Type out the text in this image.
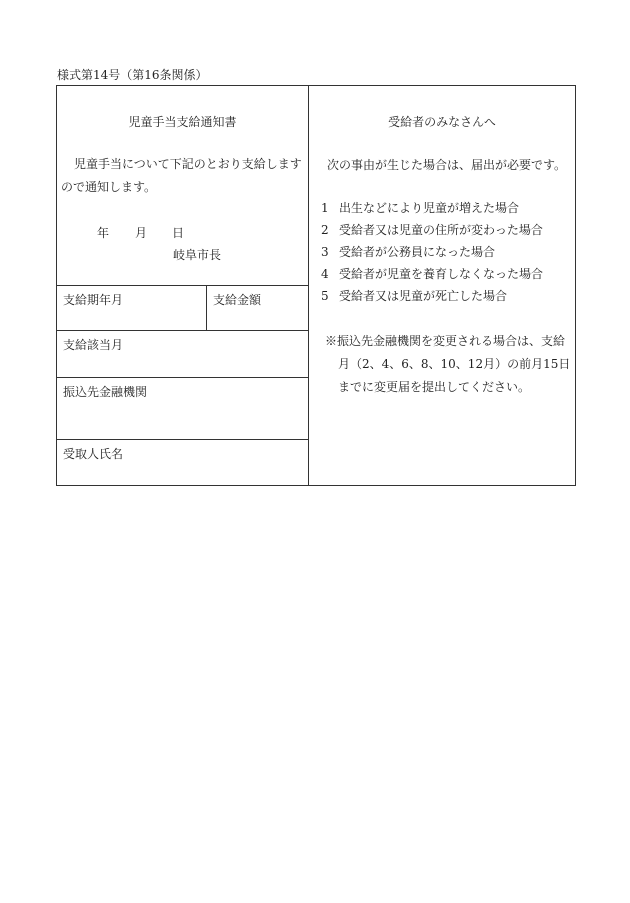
様式第14号（第16条関係）
児童手当支給通知書
児童手当について下記のとおり支給しますので通知します。
年 月 日
岐阜市長
支給期年月	支給金額
支給該当月
振込先金融機関
受取人氏名
受給者のみなさんへ
次の事由が生じた場合は、届出が必要です。
1 出生などにより児童が増えた場合
2 受給者又は児童の住所が変わった場合
3 受給者が公務員になった場合
4 受給者が児童を養育しなくなった場合
5 受給者又は児童が死亡した場合
※振込先金融機関を変更される場合は、支給
月（2、4、6、8、10、12月）の前月15日までに変更届を提出してください。
